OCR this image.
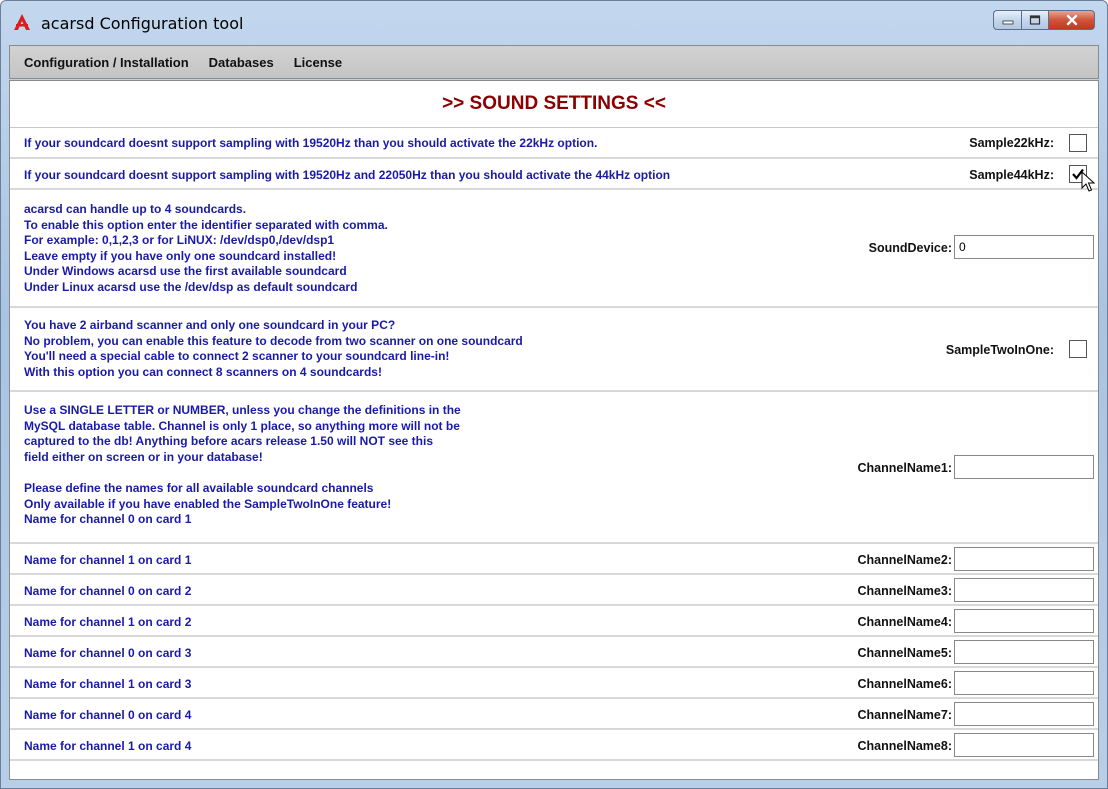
acarsd Configuration tool
Configuration / Installation Databases License
>> SOUND SETTINGS <<
If your soundcard doesnt support sampling with 19520Hz than you should activate the 22kHz option.	Sample22kHz:
If your soundcard doesnt support sampling with 19520Hz and 22050Hz than you should activate the 44kHz option	Sample44kHz:
acarsd can handle up to 4 soundcards.
To enable this option enter the identifier separated with comma.
For example: 0,1,2,3 or for LiNUX: /dev/dsp0,/dev/dsp1
Leave empty if you have only one soundcard installed!
Under Windows acarsd use the first available soundcard
Under Linux acarsd use the /dev/dsp as default soundcard
SoundDevice:
0
You have 2 airband scanner and only one soundcard in your PC?
No problem, you can enable this feature to decode from two scanner on one soundcard
You'll need a special cable to connect 2 scanner to your soundcard line-in!
With this option you can connect 8 scanners on 4 soundcards!
SampleTwoInOne:
Use a SINGLE LETTER or NUMBER, unless you change the definitions in the
MySQL database table. Channel is only 1 place, so anything more will not be
captured to the db! Anything before acars release 1.50 will NOT see this
field either on screen or in your database!

Please define the names for all available soundcard channels
Only available if you have enabled the SampleTwoInOne feature!
Name for channel 0 on card 1
ChannelName1:
Name for channel 1 on card 1	ChannelName2:
Name for channel 0 on card 2	ChannelName3:
Name for channel 1 on card 2	ChannelName4:
Name for channel 0 on card 3	ChannelName5:
Name for channel 1 on card 3	ChannelName6:
Name for channel 0 on card 4	ChannelName7:
Name for channel 1 on card 4	ChannelName8:
